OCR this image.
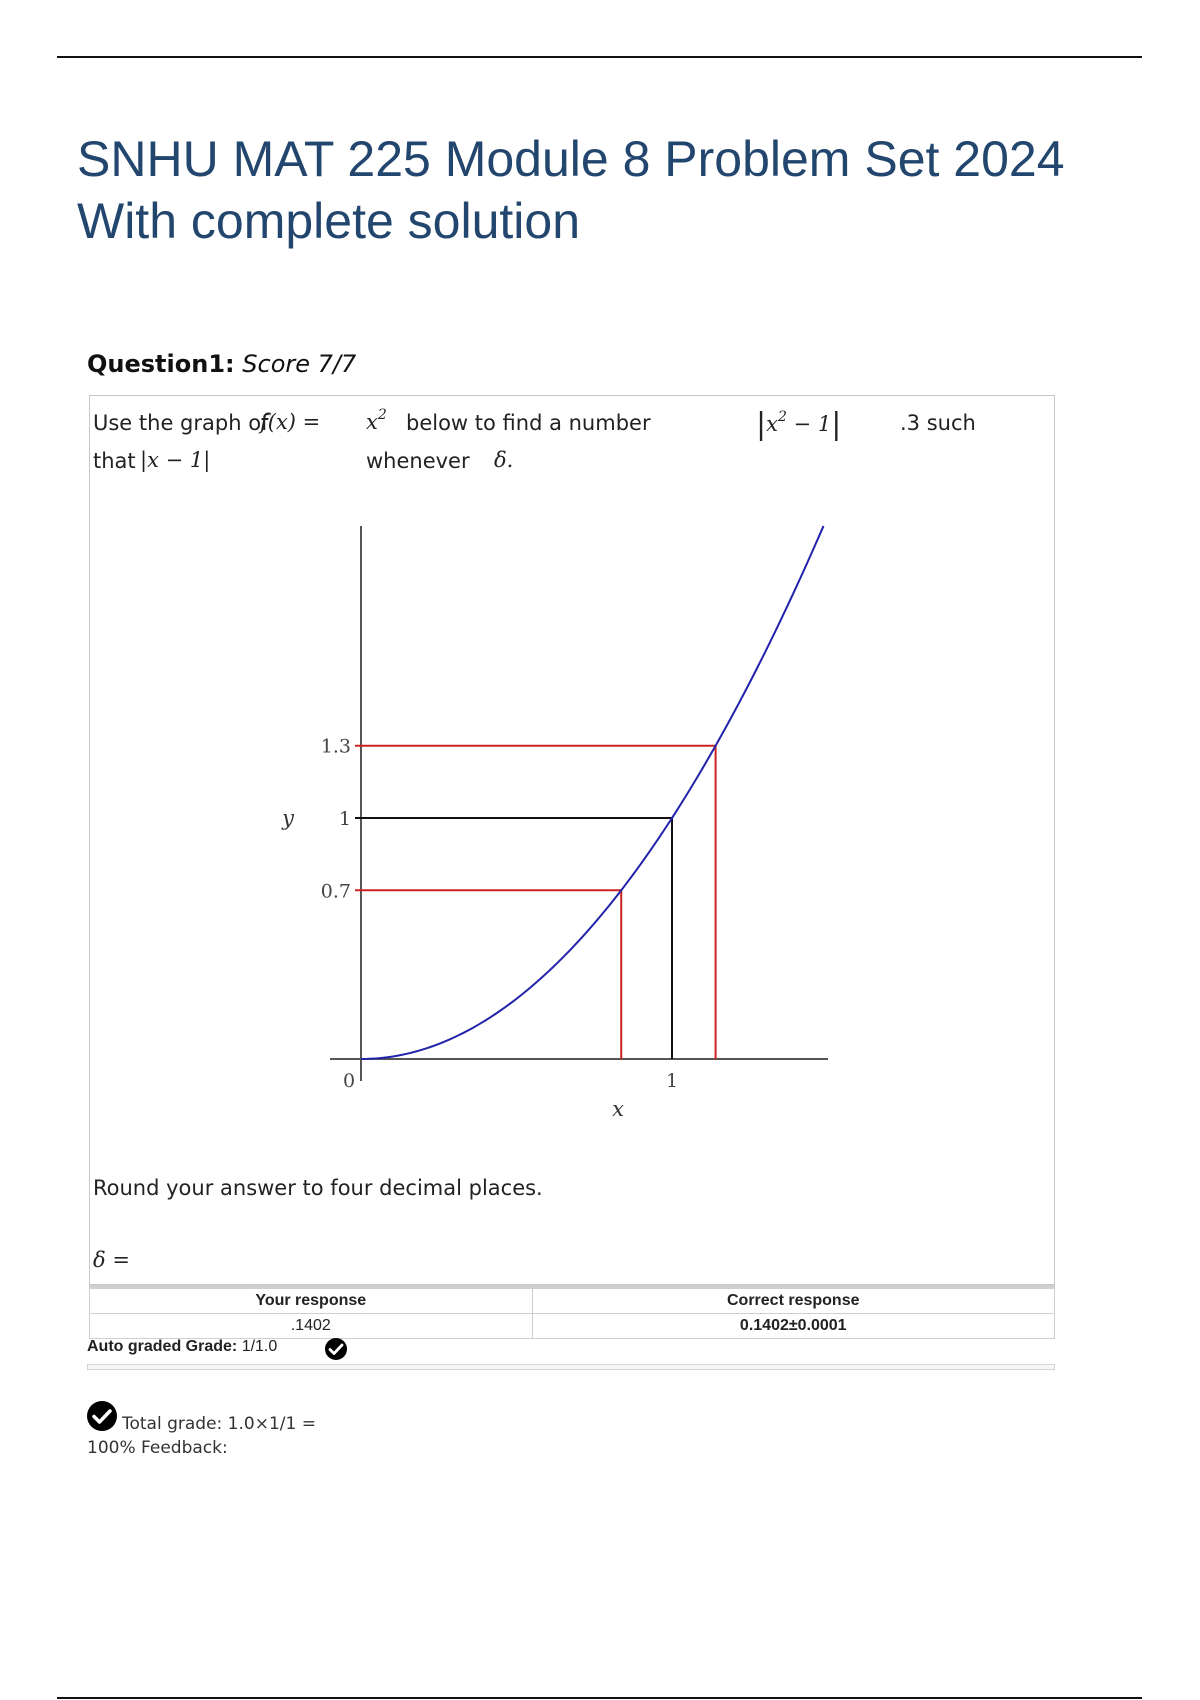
SNHU MAT 225 Module 8 Problem Set 2024
With complete solution
Question1: Score 7/7
Use the graph of
$f(x) = x^2$ below to find a number	$|x^2 - 1|$	.3 such
that |x − 1|	whenever δ.
0.7
1
1.3
0	1
x
y
Round your answer to four decimal places.
δ =
Your response	Correct response
.1402	0.1402±0.0001
Auto graded Grade: 1/1.0
Total grade: 1.0×1/1 =
100% Feedback:
